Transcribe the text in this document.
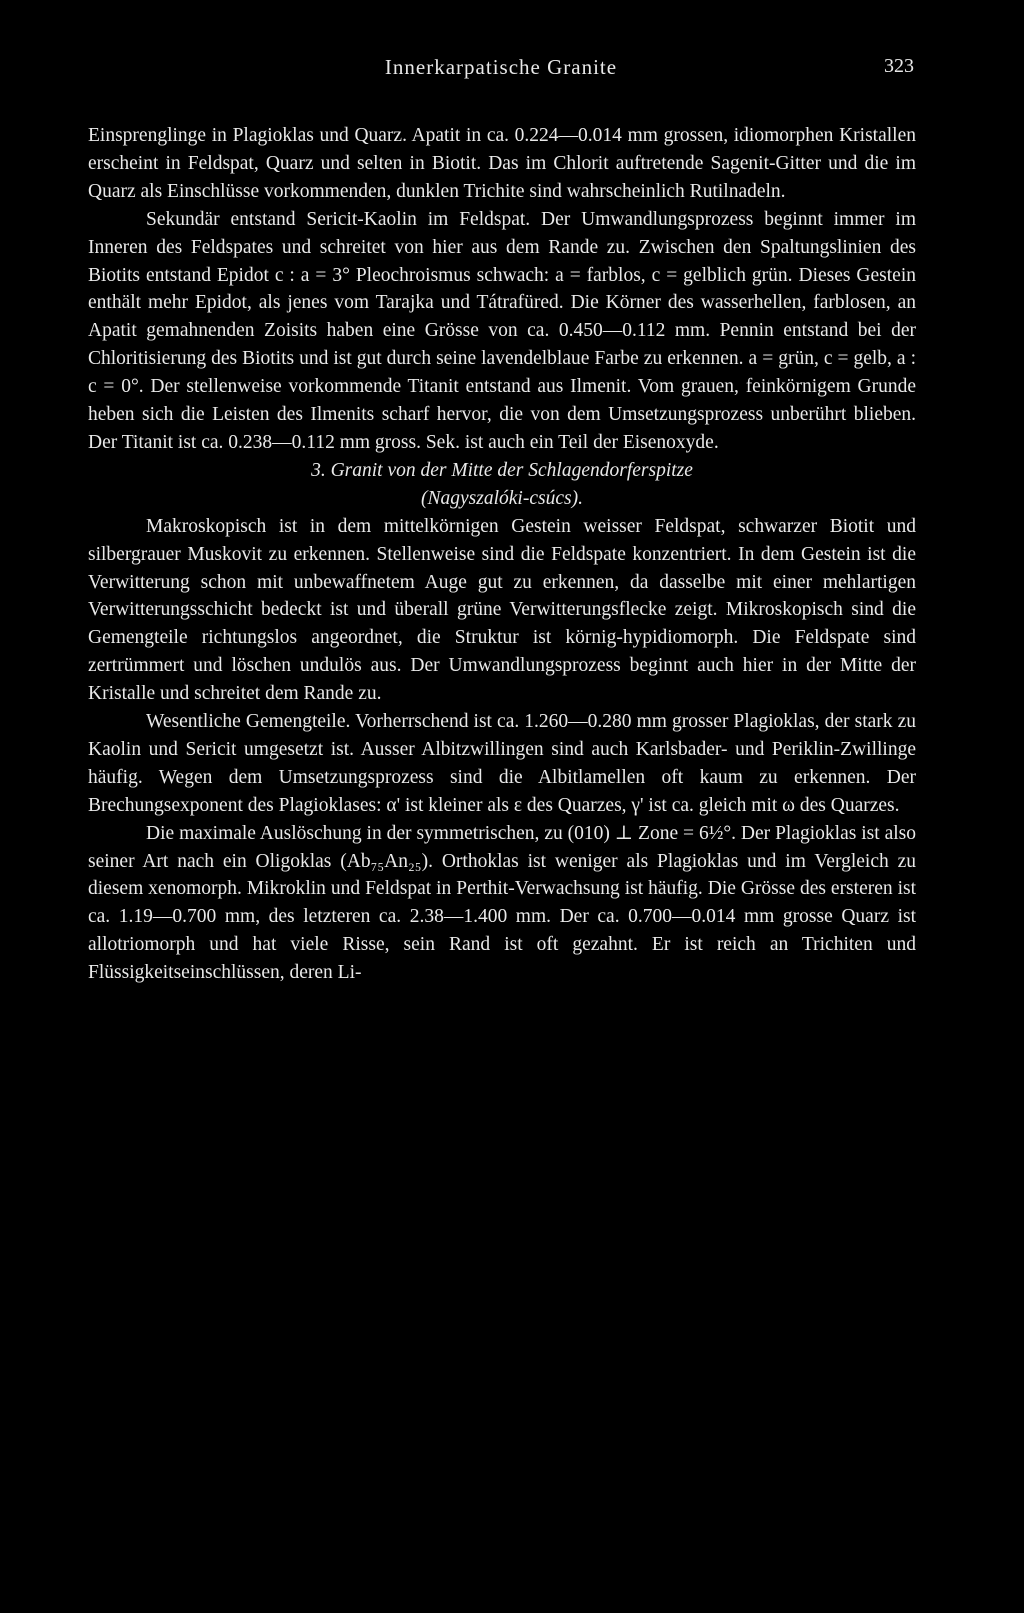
Innerkarpatische Granite	323

Einsprenglinge in Plagioklas und Quarz. Apatit in ca. 0.224—0.014 mm grossen, idiomorphen Kristallen erscheint in Feldspat, Quarz und selten in Biotit. Das im Chlorit auftretende Sagenit-Gitter und die im Quarz als Einschlüsse vorkommenden, dunklen Trichite sind wahrscheinlich Rutilnadeln.

Sekundär entstand Sericit-Kaolin im Feldspat. Der Umwandlungsprozess beginnt immer im Inneren des Feldspates und schreitet von hier aus dem Rande zu. Zwischen den Spaltungslinien des Biotits entstand Epidot c : a = 3° Pleochroismus schwach: a = farblos, c = gelblich grün. Dieses Gestein enthält mehr Epidot, als jenes vom Tarajka und Tátrafüred. Die Körner des wasserhellen, farblosen, an Apatit gemahnenden Zoisits haben eine Grösse von ca. 0.450—0.112 mm. Pennin entstand bei der Chloritisierung des Biotits und ist gut durch seine lavendelblaue Farbe zu erkennen. a = grün, c = gelb, a : c = 0°. Der stellenweise vorkommende Titanit entstand aus Ilmenit. Vom grauen, feinkörnigem Grunde heben sich die Leisten des Ilmenits scharf hervor, die von dem Umsetzungsprozess unberührt blieben. Der Titanit ist ca. 0.238—0.112 mm gross. Sek. ist auch ein Teil der Eisenoxyde.

3. Granit von der Mitte der Schlagendorferspitze

(Nagyszalóki-csúcs).

Makroskopisch ist in dem mittelkörnigen Gestein weisser Feldspat, schwarzer Biotit und silbergrauer Muskovit zu erkennen. Stellenweise sind die Feldspate konzentriert. In dem Gestein ist die Verwitterung schon mit unbewaffnetem Auge gut zu erkennen, da dasselbe mit einer mehlartigen Verwitterungsschicht bedeckt ist und überall grüne Verwitterungsflecke zeigt. Mikroskopisch sind die Gemengteile richtungslos angeordnet, die Struktur ist körnig-hypidiomorph. Die Feldspate sind zertrümmert und löschen undulös aus. Der Umwandlungsprozess beginnt auch hier in der Mitte der Kristalle und schreitet dem Rande zu.

Wesentliche Gemengteile. Vorherrschend ist ca. 1.260—0.280 mm grosser Plagioklas, der stark zu Kaolin und Sericit umgesetzt ist. Ausser Albitzwillingen sind auch Karlsbader- und Periklin-Zwillinge häufig. Wegen dem Umsetzungsprozess sind die Albitlamellen oft kaum zu erkennen. Der Brechungsexponent des Plagioklases: α' ist kleiner als ε des Quarzes, γ' ist ca. gleich mit ω des Quarzes.

Die maximale Auslöschung in der symmetrischen, zu (010) ⊥ Zone = 6½°. Der Plagioklas ist also seiner Art nach ein Oligoklas (Ab₇₅An₂₅). Orthoklas ist weniger als Plagioklas und im Vergleich zu diesem xenomorph. Mikroklin und Feldspat in Perthit-Verwachsung ist häufig. Die Grösse des ersteren ist ca. 1.19—0.700 mm, des letzteren ca. 2.38—1.400 mm. Der ca. 0.700—0.014 mm grosse Quarz ist allotriomorph und hat viele Risse, sein Rand ist oft gezahnt. Er ist reich an Trichiten und Flüssigkeitseinschlüssen, deren Li-
